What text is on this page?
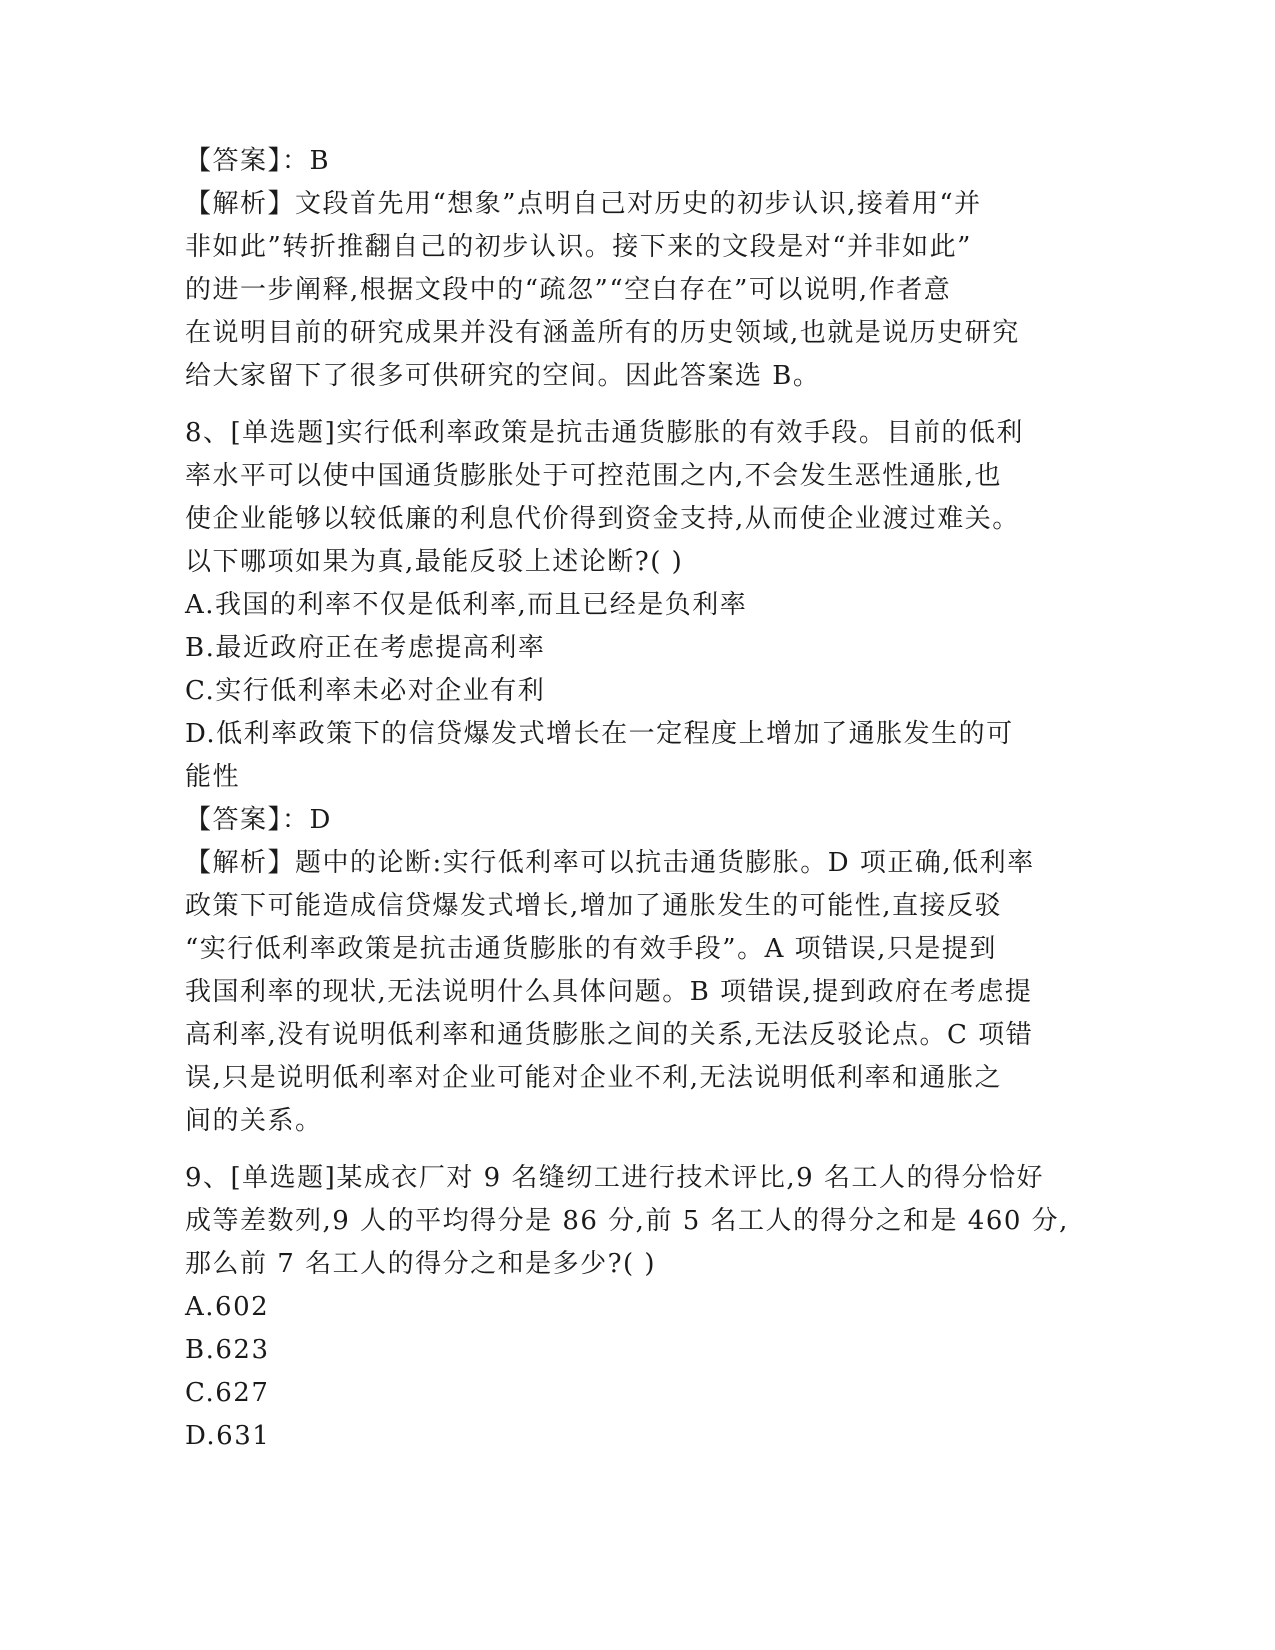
【答案】：B
【解析】文段首先用“想象”点明自己对历史的初步认识,接着用“并
非如此”转折推翻自己的初步认识。接下来的文段是对“并非如此”
的进一步阐释,根据文段中的“疏忽”“空白存在”可以说明,作者意
在说明目前的研究成果并没有涵盖所有的历史领域,也就是说历史研究
给大家留下了很多可供研究的空间。因此答案选 B。
8、[单选题]实行低利率政策是抗击通货膨胀的有效手段。目前的低利
率水平可以使中国通货膨胀处于可控范围之内,不会发生恶性通胀,也
使企业能够以较低廉的利息代价得到资金支持,从而使企业渡过难关。
以下哪项如果为真,最能反驳上述论断?( )
A.我国的利率不仅是低利率,而且已经是负利率
B.最近政府正在考虑提高利率
C.实行低利率未必对企业有利
D.低利率政策下的信贷爆发式增长在一定程度上增加了通胀发生的可
能性
【答案】：D
【解析】题中的论断:实行低利率可以抗击通货膨胀。D 项正确,低利率
政策下可能造成信贷爆发式增长,增加了通胀发生的可能性,直接反驳
“实行低利率政策是抗击通货膨胀的有效手段”。A 项错误,只是提到
我国利率的现状,无法说明什么具体问题。B 项错误,提到政府在考虑提
高利率,没有说明低利率和通货膨胀之间的关系,无法反驳论点。C 项错
误,只是说明低利率对企业可能对企业不利,无法说明低利率和通胀之
间的关系。
9、[单选题]某成衣厂对 9 名缝纫工进行技术评比,9 名工人的得分恰好
成等差数列,9 人的平均得分是 86 分,前 5 名工人的得分之和是 460 分,
那么前 7 名工人的得分之和是多少?( )
A.602
B.623
C.627
D.631
